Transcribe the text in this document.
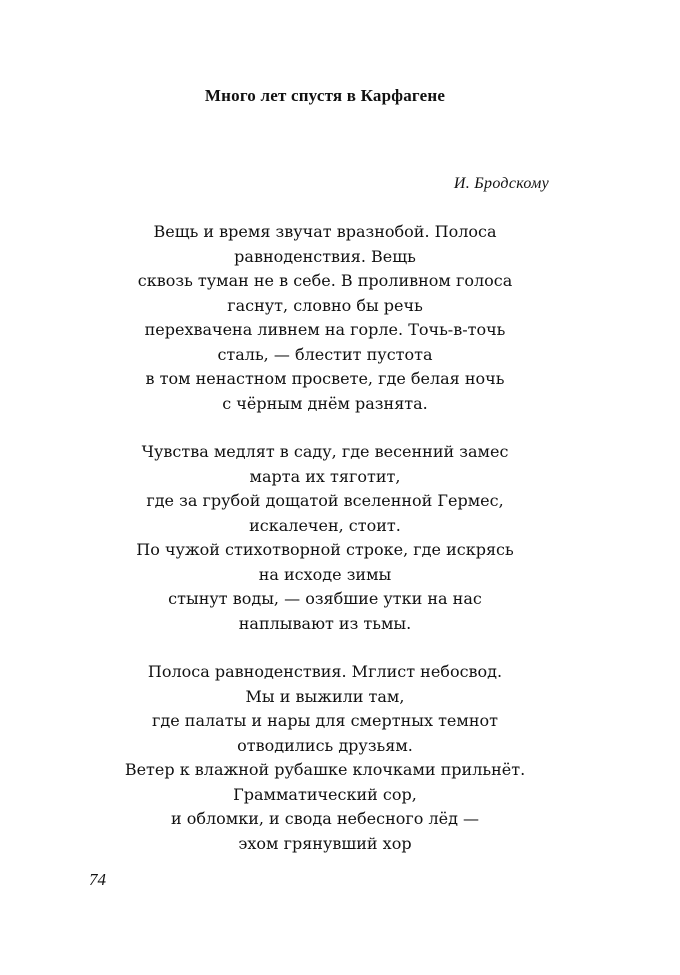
Много лет спустя в Карфагене
И. Бродскому
Вещь и время звучат вразнобой. Полоса
равноденствия. Вещь
сквозь туман не в себе. В проливном голоса
гаснут, словно бы речь
перехвачена ливнем на горле. Точь-в-точь
сталь, — блестит пустота
в том ненастном просвете, где белая ночь
с чёрным днём разнята.
Чувства медлят в саду, где весенний замес
марта их тяготит,
где за грубой дощатой вселенной Гермес,
искалечен, стоит.
По чужой стихотворной строке, где искрясь
на исходе зимы
стынут воды, — озябшие утки на нас
наплывают из тьмы.
Полоса равноденствия. Мглист небосвод.
Мы и выжили там,
где палаты и нары для смертных темнот
отводились друзьям.
Ветер к влажной рубашке клочками прильнёт.
Грамматический сор,
и обломки, и свода небесного лёд —
эхом грянувший хор
74
